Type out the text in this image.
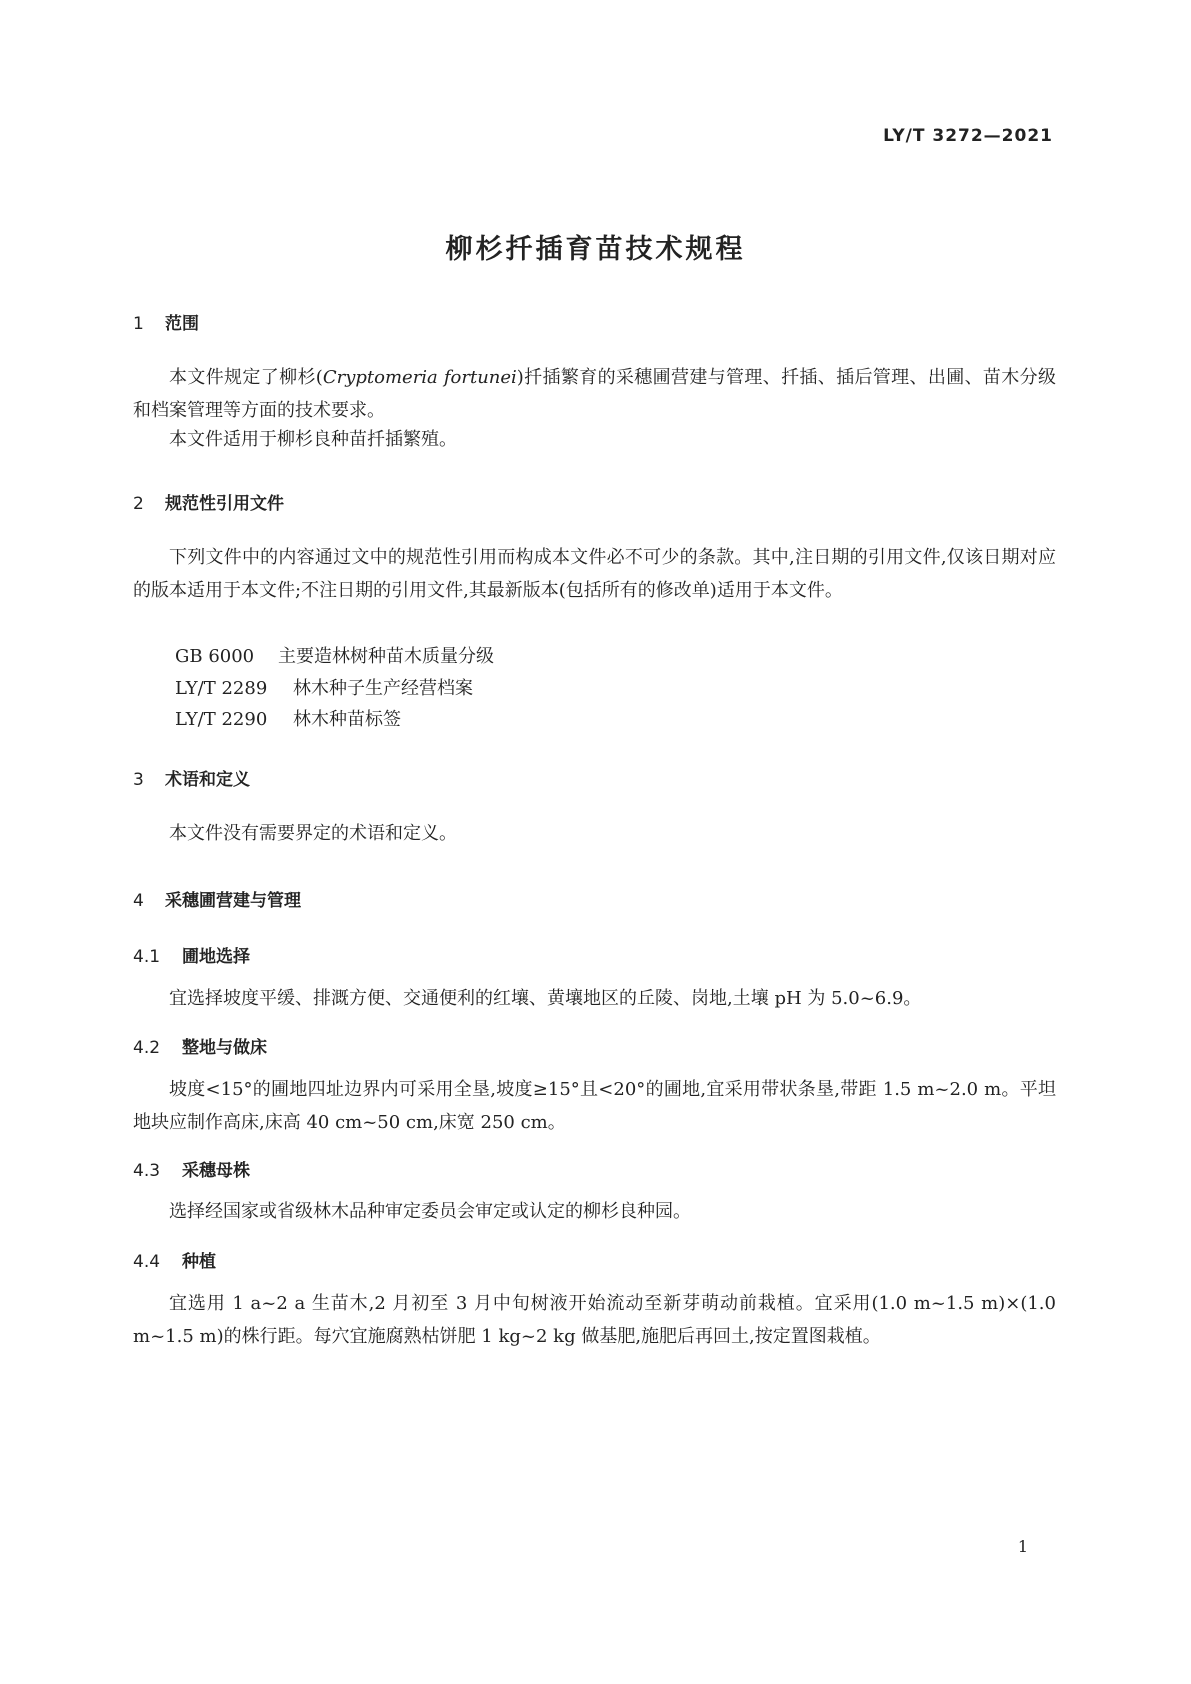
LY/T 3272—2021
柳杉扦插育苗技术规程
1 范围

本文件规定了柳杉(Cryptomeria fortunei)扦插繁育的采穗圃营建与管理、扦插、插后管理、出圃、苗木分级和档案管理等方面的技术要求。

本文件适用于柳杉良种苗扦插繁殖。

2 规范性引用文件

下列文件中的内容通过文中的规范性引用而构成本文件必不可少的条款。其中,注日期的引用文件,仅该日期对应的版本适用于本文件;不注日期的引用文件,其最新版本(包括所有的修改单)适用于本文件。

GB 6000 主要造林树种苗木质量分级
LY/T 2289 林木种子生产经营档案
LY/T 2290 林木种苗标签
3 术语和定义

本文件没有需要界定的术语和定义。

4 采穗圃营建与管理
4.1 圃地选择

宜选择坡度平缓、排溉方便、交通便利的红壤、黄壤地区的丘陵、岗地,土壤 pH 为 5.0~6.9。

4.2 整地与做床

坡度<15°的圃地四址边界内可采用全垦,坡度≥15°且<20°的圃地,宜采用带状条垦,带距 1.5 m~2.0 m。平坦地块应制作高床,床高 40 cm~50 cm,床宽 250 cm。

4.3 采穗母株

选择经国家或省级林木品种审定委员会审定或认定的柳杉良种园。

4.4 种植

宜选用 1 a~2 a 生苗木,2 月初至 3 月中旬树液开始流动至新芽萌动前栽植。宜采用(1.0 m~1.5 m)×(1.0 m~1.5 m)的株行距。每穴宜施腐熟枯饼肥 1 kg~2 kg 做基肥,施肥后再回土,按定置图栽植。

1
